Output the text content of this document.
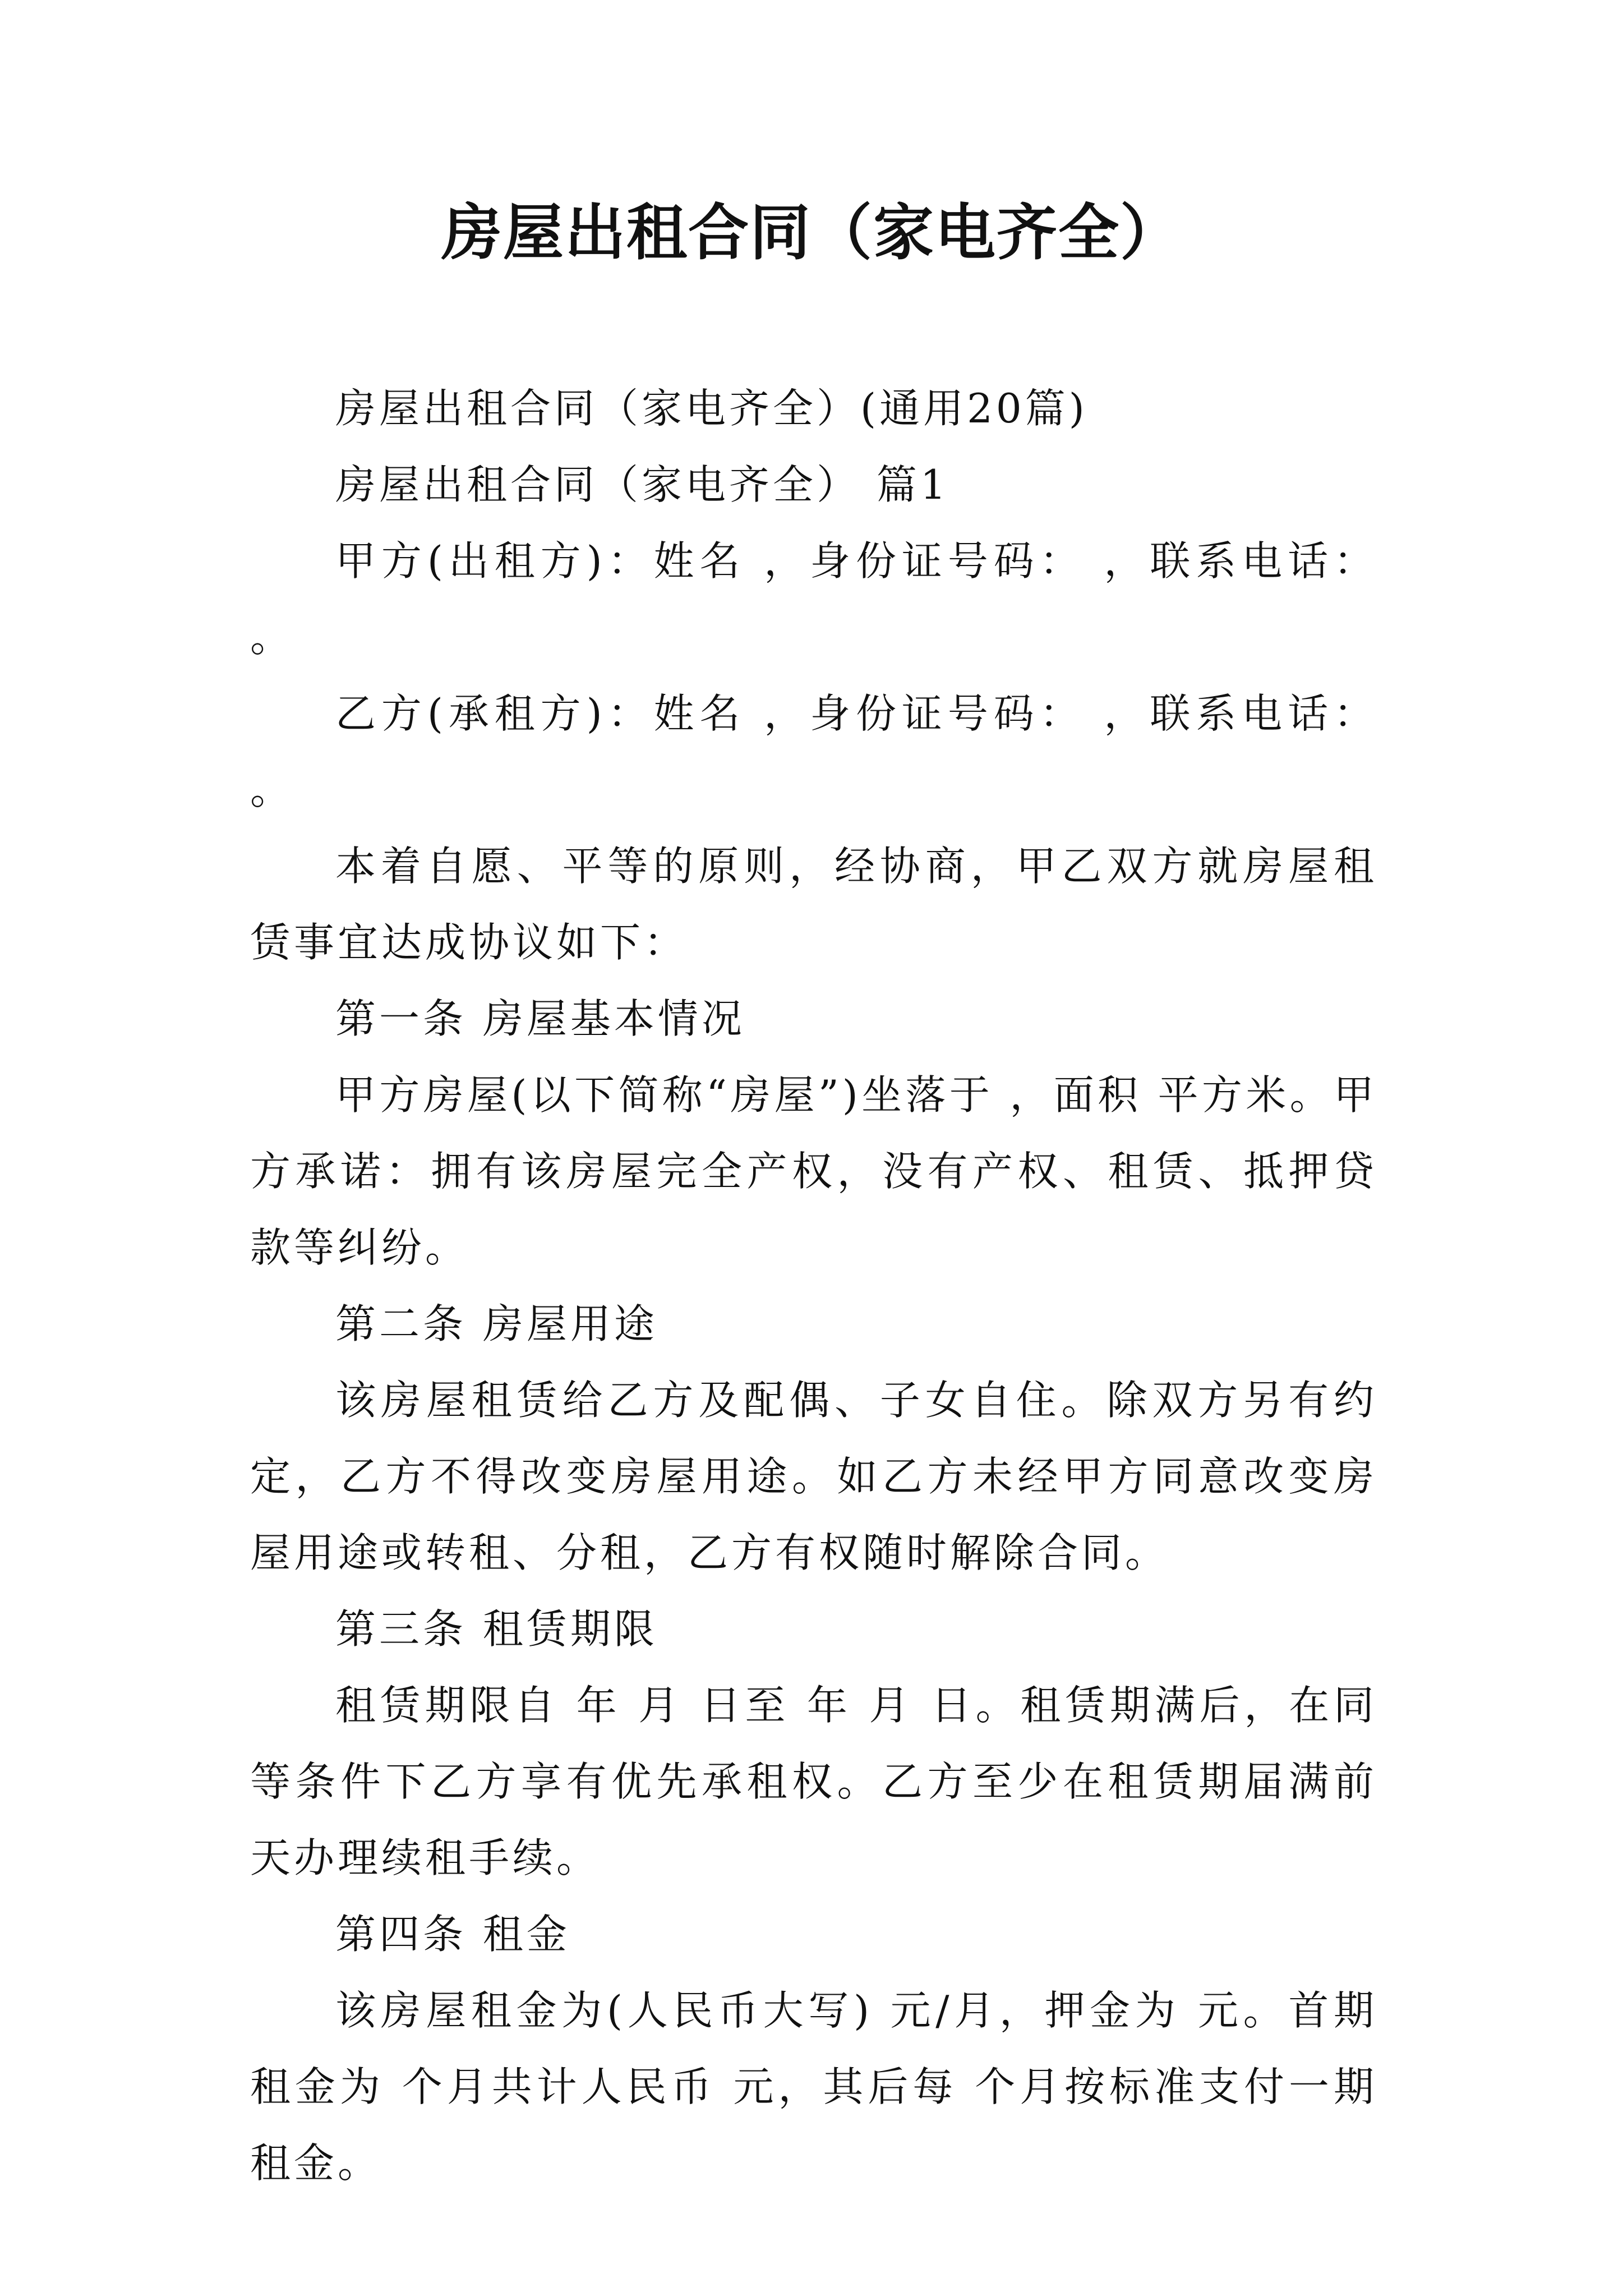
房屋出租合同（家电齐全）

房屋出租合同（家电齐全）(通用20篇)

房屋出租合同（家电齐全） 篇1

甲方(出租方)：姓名 ，身份证号码： ，联系电话： 。

乙方(承租方)：姓名 ，身份证号码： ，联系电话： 。

本着自愿、平等的原则，经协商，甲乙双方就房屋租赁事宜达成协议如下：

第一条 房屋基本情况

甲方房屋(以下简称“房屋”)坐落于 ，面积 平方米。甲方承诺：拥有该房屋完全产权，没有产权、租赁、抵押贷款等纠纷。

第二条 房屋用途

该房屋租赁给乙方及配偶、子女自住。除双方另有约定，乙方不得改变房屋用途。如乙方未经甲方同意改变房屋用途或转租、分租，乙方有权随时解除合同。

第三条 租赁期限

租赁期限自 年 月 日至 年 月 日。租赁期满后，在同等条件下乙方享有优先承租权。乙方至少在租赁期届满前 天办理续租手续。

第四条 租金

该房屋租金为(人民币大写) 元/月，押金为 元。首期租金为 个月共计人民币 元，其后每 个月按标准支付一期租金。
